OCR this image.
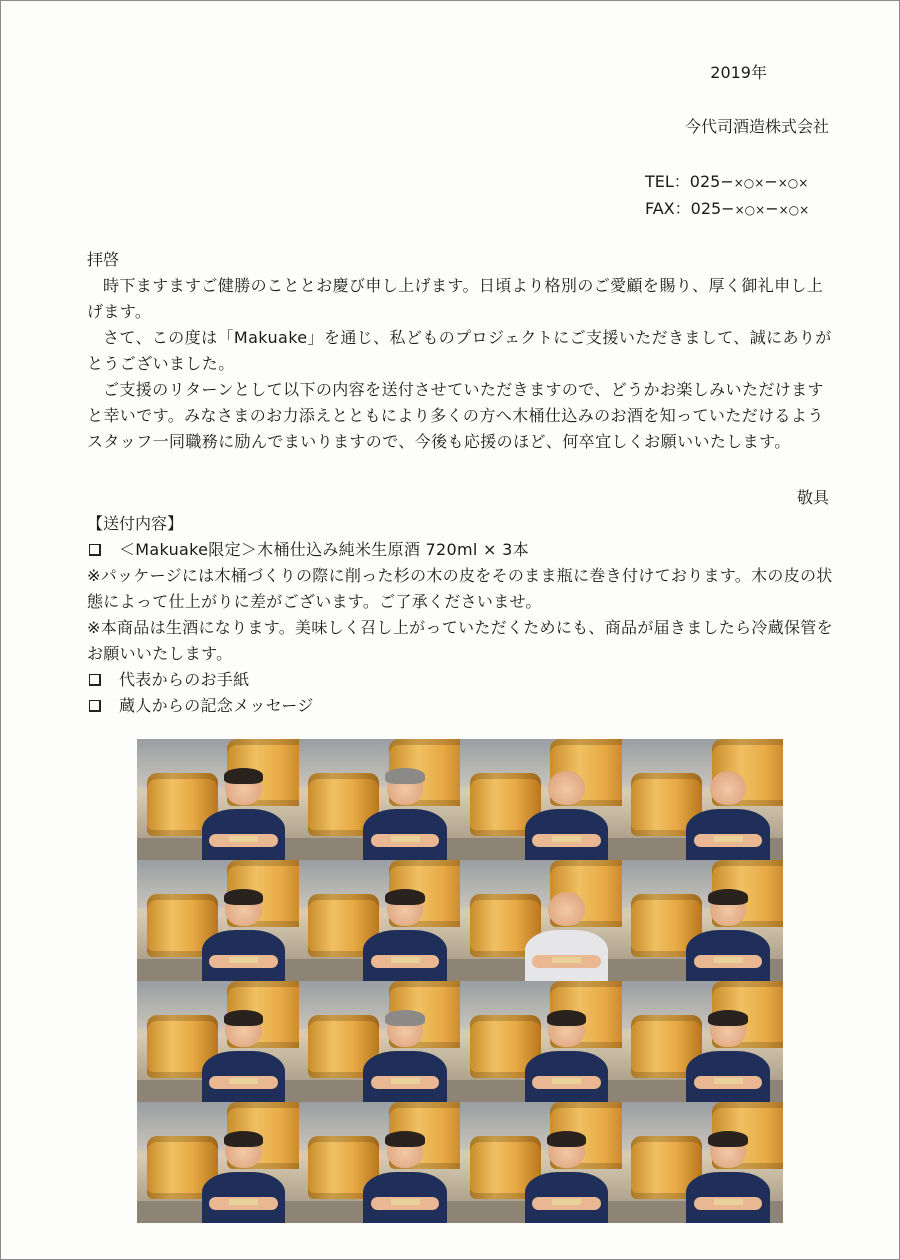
2019年
今代司酒造株式会社
TEL：025−×○×−×○×
FAX：025−×○×−×○×
拝啓

時下ますますご健勝のこととお慶び申し上げます。日頃より格別のご愛顧を賜り、厚く御礼申し上げます。

さて、この度は「Makuake」を通じ、私どものプロジェクトにご支援いただきまして、誠にありがとうございました。

ご支援のリターンとして以下の内容を送付させていただきますので、どうかお楽しみいただけますと幸いです。みなさまのお力添えとともにより多くの方へ木桶仕込みのお酒を知っていただけるようスタッフ一同職務に励んでまいりますので、今後も応援のほど、何卒宜しくお願いいたします。

敬具
【送付内容】
＜Makuake限定＞木桶仕込み純米生原酒 720ml × 3本

※パッケージには木桶づくりの際に削った杉の木の皮をそのまま瓶に巻き付けております。木の皮の状態によって仕上がりに差がございます。ご了承くださいませ。

※本商品は生酒になります。美味しく召し上がっていただくためにも、商品が届きましたら冷蔵保管をお願いいたします。

代表からのお手紙
蔵人からの記念メッセージ
